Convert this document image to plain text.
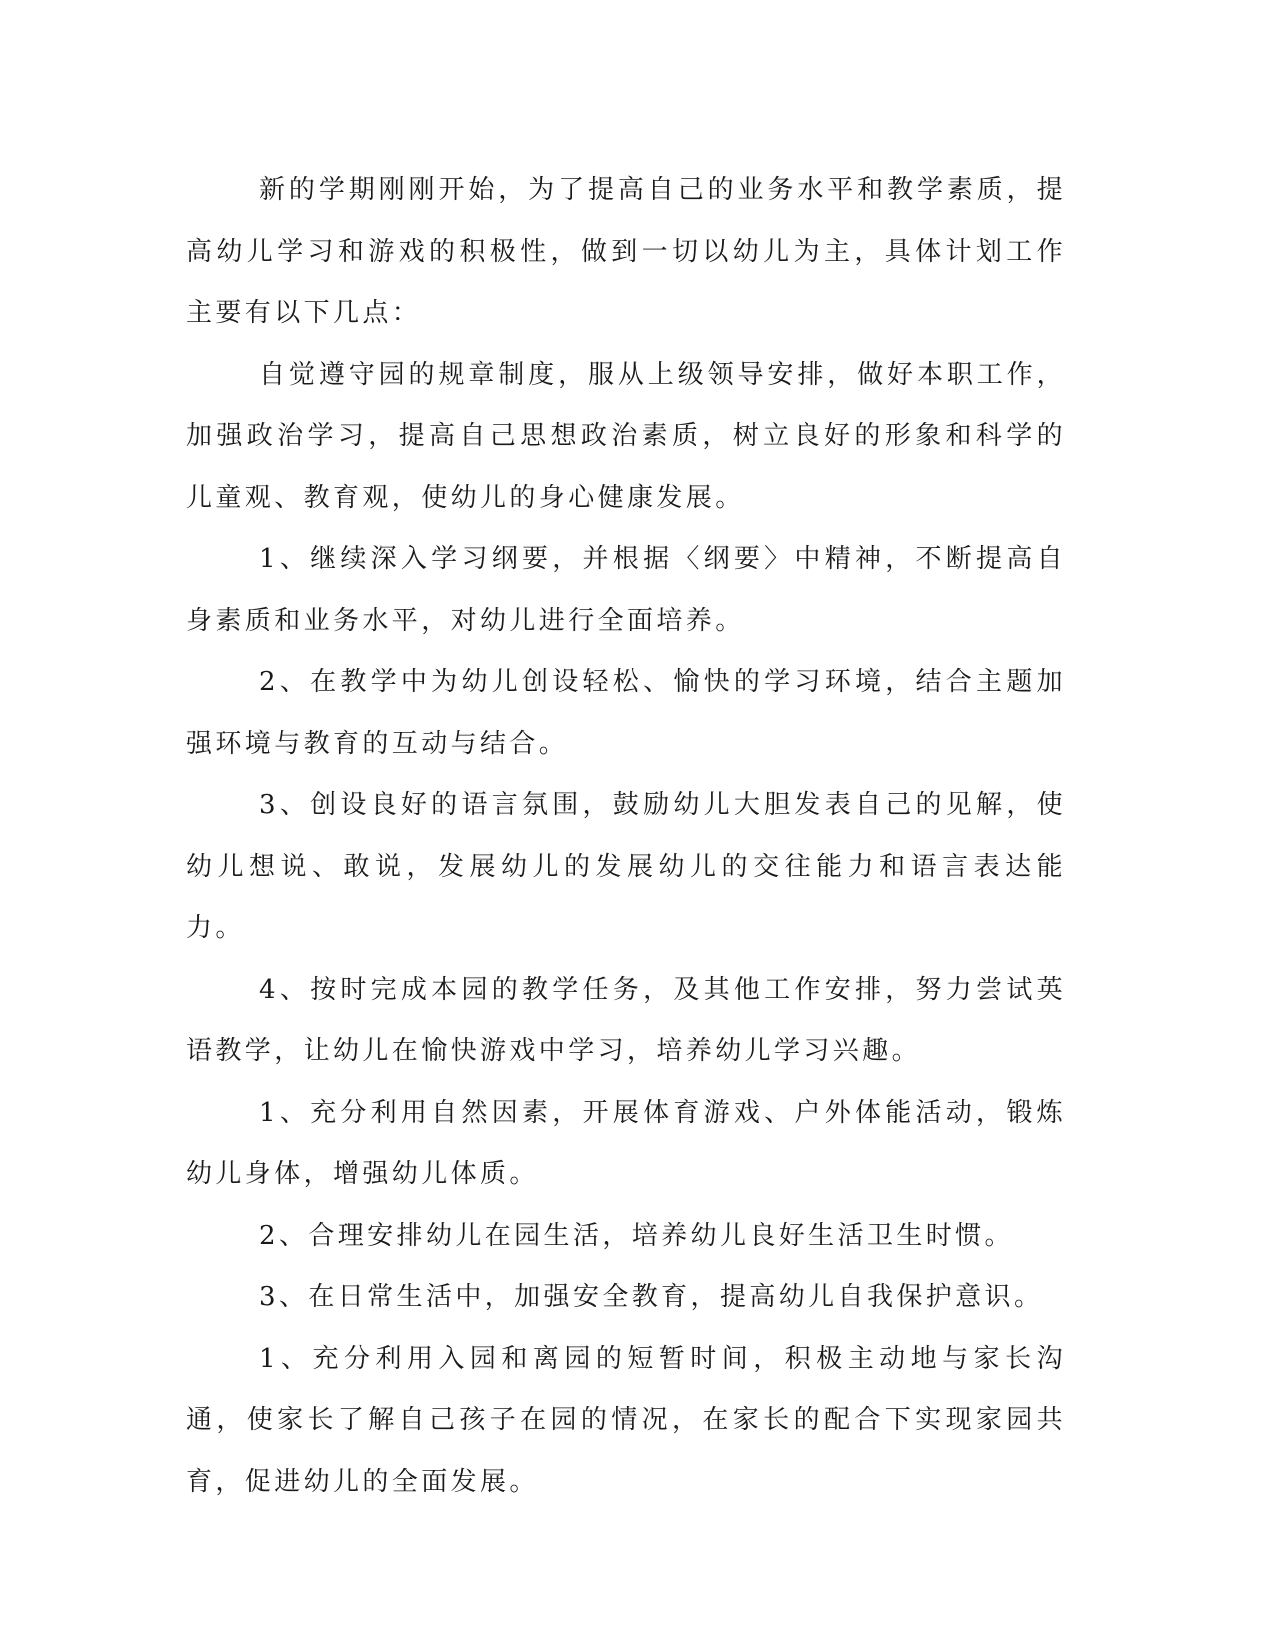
新的学期刚刚开始，为了提高自己的业务水平和教学素质，提高幼儿学习和游戏的积极性，做到一切以幼儿为主，具体计划工作主要有以下几点：

自觉遵守园的规章制度，服从上级领导安排，做好本职工作，加强政治学习，提高自己思想政治素质，树立良好的形象和科学的儿童观、教育观，使幼儿的身心健康发展。

1、继续深入学习纲要，并根据〈纲要〉中精神，不断提高自身素质和业务水平，对幼儿进行全面培养。

2、在教学中为幼儿创设轻松、愉快的学习环境，结合主题加强环境与教育的互动与结合。

3、创设良好的语言氛围，鼓励幼儿大胆发表自己的见解，使幼儿想说、敢说，发展幼儿的发展幼儿的交往能力和语言表达能力。

4、按时完成本园的教学任务，及其他工作安排，努力尝试英语教学，让幼儿在愉快游戏中学习，培养幼儿学习兴趣。

1、充分利用自然因素，开展体育游戏、户外体能活动，锻炼幼儿身体，增强幼儿体质。

2、合理安排幼儿在园生活，培养幼儿良好生活卫生时惯。

3、在日常生活中，加强安全教育，提高幼儿自我保护意识。

1、充分利用入园和离园的短暂时间，积极主动地与家长沟通，使家长了解自己孩子在园的情况，在家长的配合下实现家园共育，促进幼儿的全面发展。
